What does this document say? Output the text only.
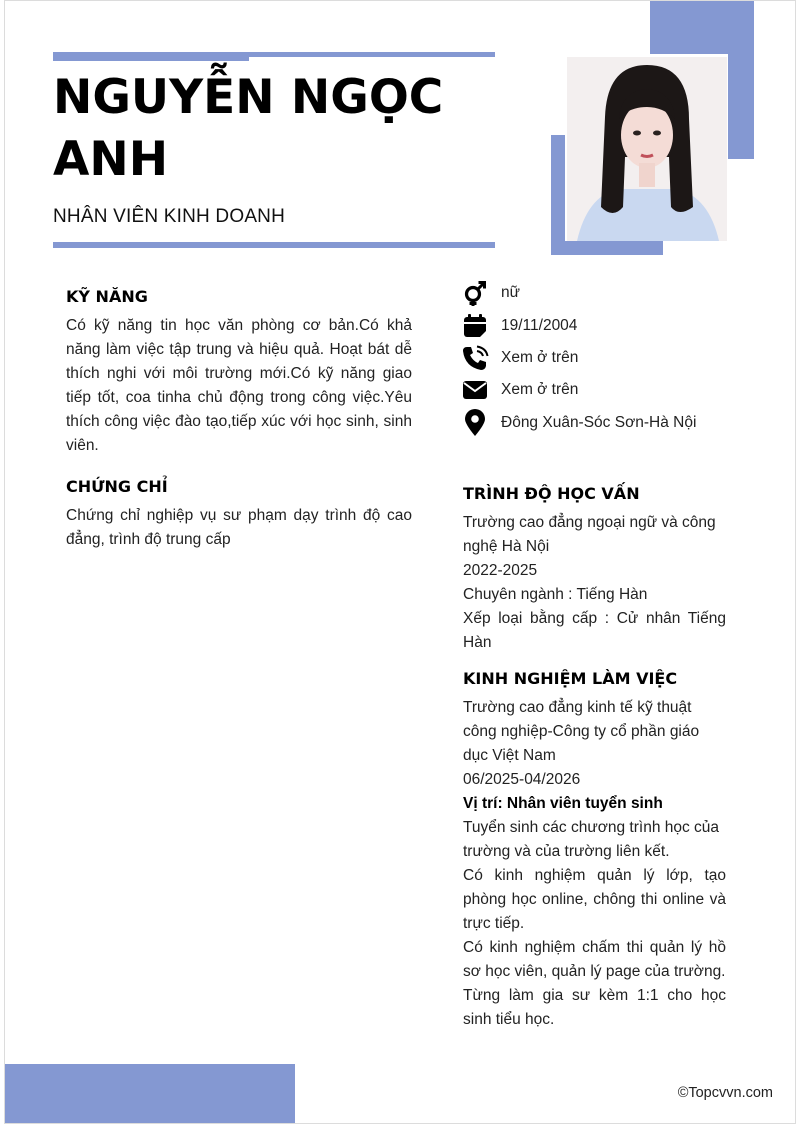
NGUYỄN NGỌC ANH
NHÂN VIÊN KINH DOANH
KỸ NĂNG

Có kỹ năng tin học văn phòng cơ bản.Có khả năng làm việc tập trung và hiệu quả. Hoạt bát dễ thích nghi với môi trường mới.Có kỹ năng giao tiếp tốt, coa tinha chủ động trong công việc.Yêu thích công việc đào tạo,tiếp xúc với học sinh, sinh viên.

CHỨNG CHỈ

Chứng chỉ nghiệp vụ sư phạm dạy trình độ cao đẳng, trình độ trung cấp

nữ
19/11/2004
Xem ở trên
Xem ở trên
Đông Xuân-Sóc Sơn-Hà Nội
TRÌNH ĐỘ HỌC VẤN

Trường cao đẳng ngoại ngữ và công nghệ Hà Nội

2022-2025

Chuyên ngành : Tiếng Hàn

Xếp loại bằng cấp : Cử nhân Tiếng Hàn

KINH NGHIỆM LÀM VIỆC

Trường cao đẳng kinh tế kỹ thuật công nghiệp-Công ty cổ phần giáo dục Việt Nam

06/2025-04/2026

Vị trí: Nhân viên tuyển sinh

Tuyển sinh các chương trình học của trường và của trường liên kết.

Có kinh nghiệm quản lý lớp, tạo phòng học online, chông thi online và trực tiếp.

Có kinh nghiệm chấm thi quản lý hồ sơ học viên, quản lý page của trường.

Từng làm gia sư kèm 1:1 cho học sinh tiểu học.

©Topcvvn.com
